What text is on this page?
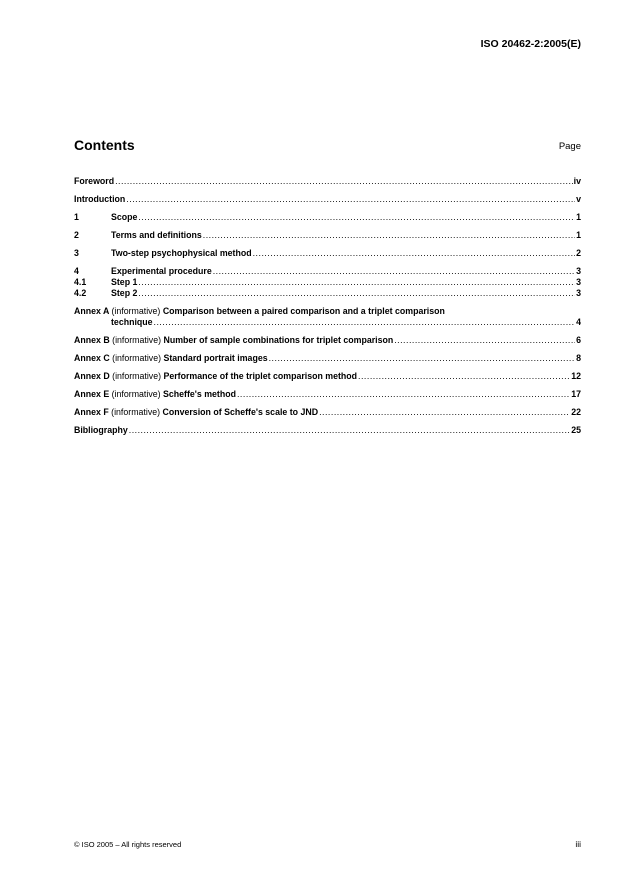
ISO 20462-2:2005(E)
Contents	Page
Foreword .....	iv
Introduction .....	v
1	Scope .....	1
2	Terms and definitions .....	1
3	Two-step psychophysical method .....	2
4	Experimental procedure .....	3
4.1	Step 1 .....	3
4.2	Step 2 .....	3
Annex A (informative) Comparison between a paired comparison and a triplet comparison
technique .....	4
Annex B (informative) Number of sample combinations for triplet comparison .....	6
Annex C (informative) Standard portrait images .....	8
Annex D (informative) Performance of the triplet comparison method .....	12
Annex E (informative) Scheffe's method .....	17
Annex F (informative) Conversion of Scheffe's scale to JND .....	22
Bibliography .....	25
© ISO 2005 – All rights reserved	iii
